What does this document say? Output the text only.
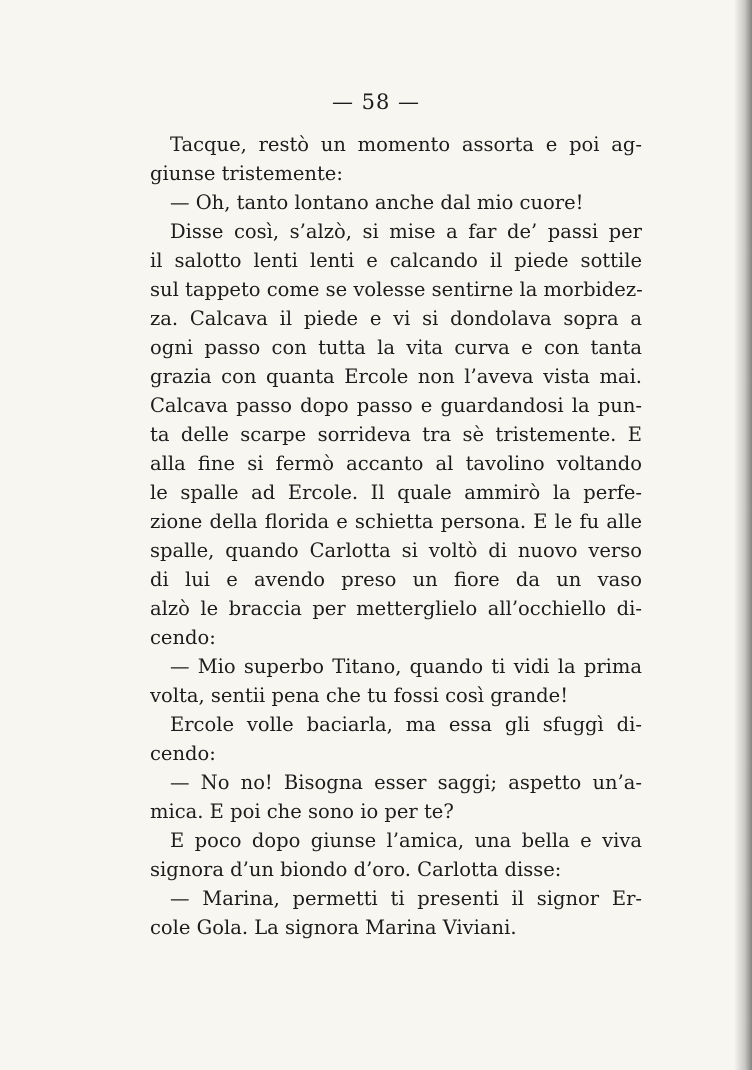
— 58 —
Tacque, restò un momento assorta e poi ag-
giunse tristemente:
— Oh, tanto lontano anche dal mio cuore!
Disse così, s’alzò, si mise a far de’ passi per
il salotto lenti lenti e calcando il piede sottile
sul tappeto come se volesse sentirne la morbidez-
za. Calcava il piede e vi si dondolava sopra a
ogni passo con tutta la vita curva e con tanta
grazia con quanta Ercole non l’aveva vista mai.
Calcava passo dopo passo e guardandosi la pun-
ta delle scarpe sorrideva tra sè tristemente. E
alla fine si fermò accanto al tavolino voltando
le spalle ad Ercole. Il quale ammirò la perfe-
zione della florida e schietta persona. E le fu alle
spalle, quando Carlotta si voltò di nuovo verso
di lui e avendo preso un fiore da un vaso
alzò le braccia per metterglielo all’occhiello di-
cendo:
— Mio superbo Titano, quando ti vidi la prima
volta, sentii pena che tu fossi così grande!
Ercole volle baciarla, ma essa gli sfuggì di-
cendo:
— No no! Bisogna esser saggi; aspetto un’a-
mica. E poi che sono io per te?
E poco dopo giunse l’amica, una bella e viva
signora d’un biondo d’oro. Carlotta disse:
— Marina, permetti ti presenti il signor Er-
cole Gola. La signora Marina Viviani.
